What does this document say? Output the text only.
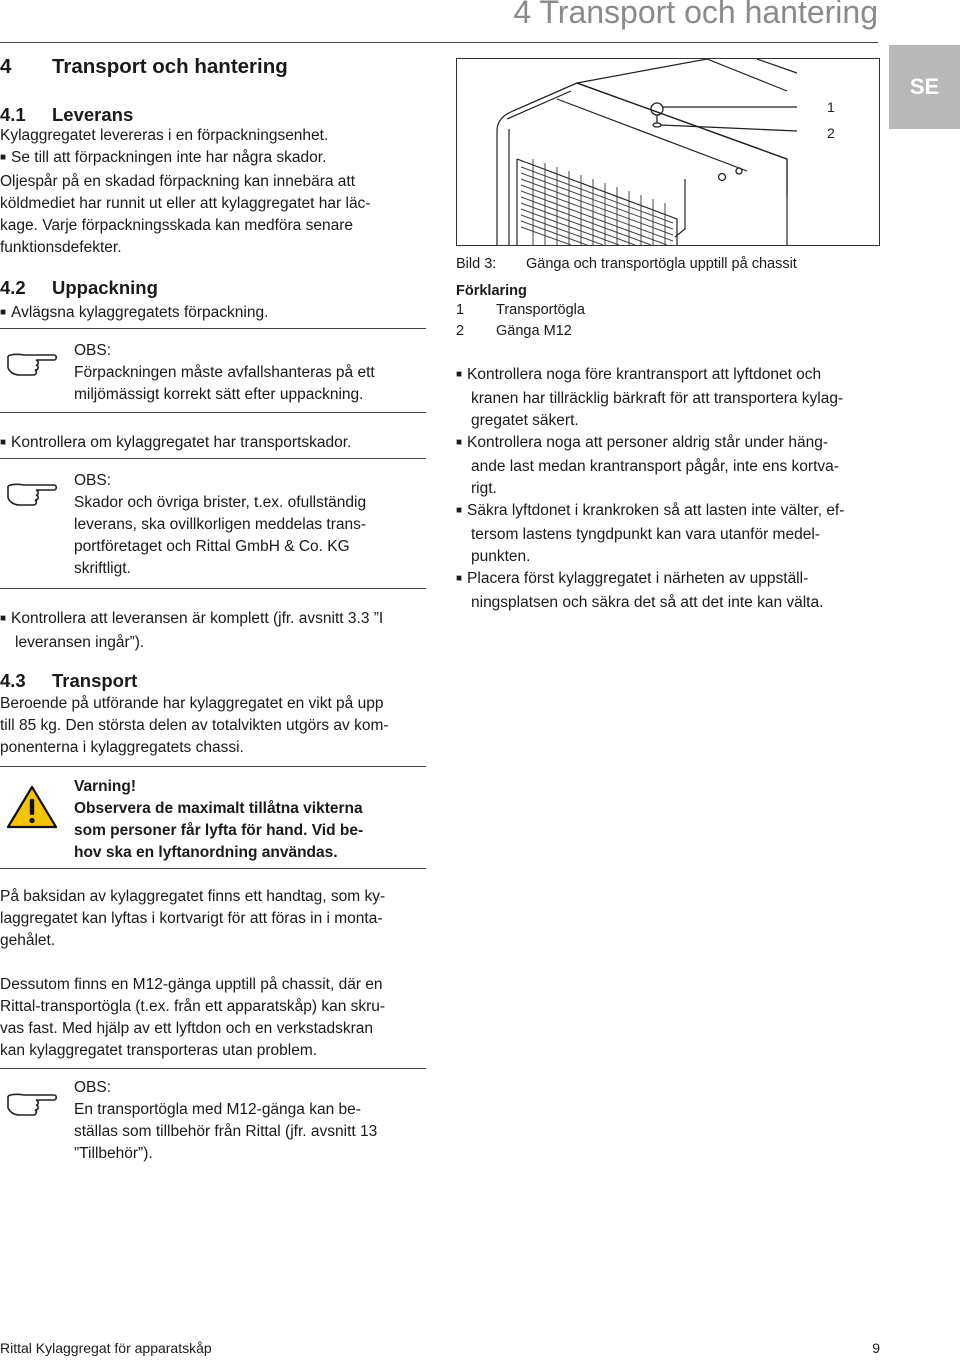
4 Transport och hantering
SE
4 Transport och hantering
4.1 Leverans
Kylaggregatet levereras i en förpackningsenhet.
■ Se till att förpackningen inte har några skador.
Oljespår på en skadad förpackning kan innebära att
köldmediet har runnit ut eller att kylaggregatet har läc-
kage. Varje förpackningsskada kan medföra senare
funktionsdefekter.
4.2 Uppackning
■ Avlägsna kylaggregatets förpackning.
OBS:
Förpackningen måste avfallshanteras på ett
miljömässigt korrekt sätt efter uppackning.
■ Kontrollera om kylaggregatet har transportskador.
OBS:
Skador och övriga brister, t.ex. ofullständig
leverans, ska ovillkorligen meddelas trans-
portföretaget och Rittal GmbH & Co. KG
skriftligt.
■ Kontrollera att leveransen är komplett (jfr. avsnitt 3.3 ”I
leveransen ingår”).
4.3 Transport
Beroende på utförande har kylaggregatet en vikt på upp
till 85 kg. Den största delen av totalvikten utgörs av kom-
ponenterna i kylaggregatets chassi.
Varning!
Observera de maximalt tillåtna vikterna
som personer får lyfta för hand. Vid be-
hov ska en lyftanordning användas.
På baksidan av kylaggregatet finns ett handtag, som ky-
laggregatet kan lyftas i kortvarigt för att föras in i monta-
gehålet.
Dessutom finns en M12-gänga upptill på chassit, där en
Rittal-transportögla (t.ex. från ett apparatskåp) kan skru-
vas fast. Med hjälp av ett lyftdon och en verkstadskran
kan kylaggregatet transporteras utan problem.
OBS:
En transportögla med M12-gänga kan be-
ställas som tillbehör från Rittal (jfr. avsnitt 13
”Tillbehör”).
1
2
Bild 3: Gänga och transportögla upptill på chassit
Förklaring
1 Transportögla
2 Gänga M12
■ Kontrollera noga före krantransport att lyftdonet och
kranen har tillräcklig bärkraft för att transportera kylag-
gregatet säkert.
■ Kontrollera noga att personer aldrig står under häng-
ande last medan krantransport pågår, inte ens kortva-
rigt.
■ Säkra lyftdonet i krankroken så att lasten inte välter, ef-
tersom lastens tyngdpunkt kan vara utanför medel-
punkten.
■ Placera först kylaggregatet i närheten av uppställ-
ningsplatsen och säkra det så att det inte kan välta.
Rittal Kylaggregat för apparatskåp	9
